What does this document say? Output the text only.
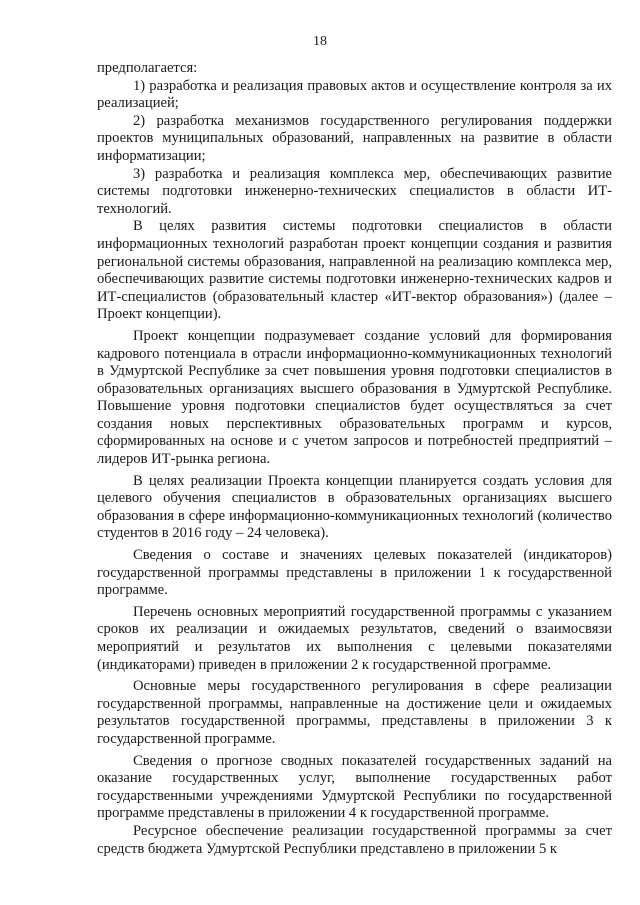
18

предполагается:

1) разработка и реализация правовых актов и осуществление контроля за их реализацией;

2) разработка механизмов государственного регулирования поддержки проектов муниципальных образований, направленных на развитие в области информатизации;

3) разработка и реализация комплекса мер, обеспечивающих развитие системы подготовки инженерно-технических специалистов в области ИТ-технологий.

В целях развития системы подготовки специалистов в области информационных технологий разработан проект концепции создания и развития региональной системы образования, направленной на реализацию комплекса мер, обеспечивающих развитие системы подготовки инженерно-технических кадров и ИТ-специалистов (образовательный кластер «ИТ-вектор образования») (далее – Проект концепции).

Проект концепции подразумевает создание условий для формирования кадрового потенциала в отрасли информационно-коммуникационных технологий в Удмуртской Республике за счет повышения уровня подготовки специалистов в образовательных организациях высшего образования в Удмуртской Республике. Повышение уровня подготовки специалистов будет осуществляться за счет создания новых перспективных образовательных программ и курсов, сформированных на основе и с учетом запросов и потребностей предприятий – лидеров ИТ-рынка региона.

В целях реализации Проекта концепции планируется создать условия для целевого обучения специалистов в образовательных организациях высшего образования в сфере информационно-коммуникационных технологий (количество студентов в 2016 году – 24 человека).

Сведения о составе и значениях целевых показателей (индикаторов) государственной программы представлены в приложении 1 к государственной программе.

Перечень основных мероприятий государственной программы с указанием сроков их реализации и ожидаемых результатов, сведений о взаимосвязи мероприятий и результатов их выполнения с целевыми показателями (индикаторами) приведен в приложении 2 к государственной программе.

Основные меры государственного регулирования в сфере реализации государственной программы, направленные на достижение цели и ожидаемых результатов государственной программы, представлены в приложении 3 к государственной программе.

Сведения о прогнозе сводных показателей государственных заданий на оказание государственных услуг, выполнение государственных работ государственными учреждениями Удмуртской Республики по государственной программе представлены в приложении 4 к государственной программе.

Ресурсное обеспечение реализации государственной программы за счет средств бюджета Удмуртской Республики представлено в приложении 5 к
